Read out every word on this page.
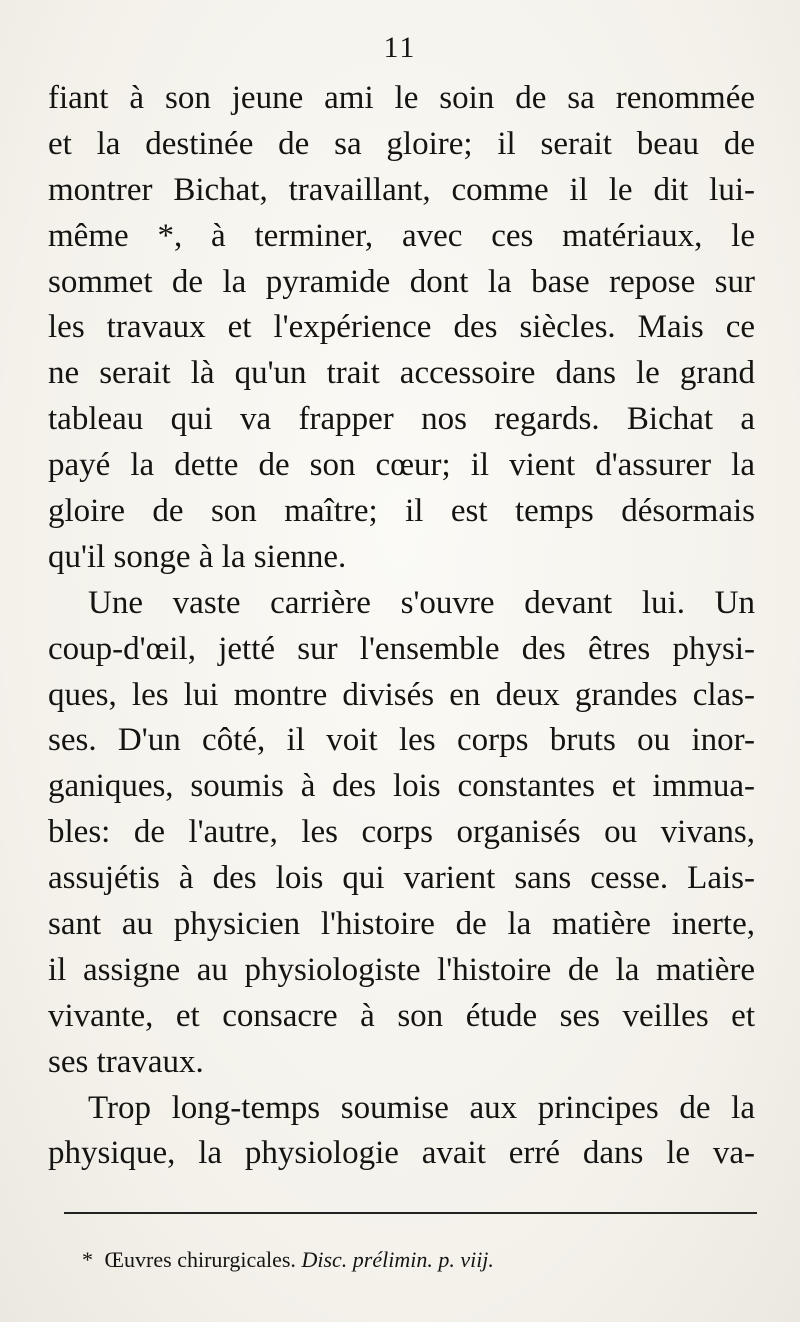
11
fiant à son jeune ami le soin de sa renommée
et la destinée de sa gloire; il serait beau de
montrer Bichat, travaillant, comme il le dit lui-
même *, à terminer, avec ces matériaux, le
sommet de la pyramide dont la base repose sur
les travaux et l'expérience des siècles. Mais ce
ne serait là qu'un trait accessoire dans le grand
tableau qui va frapper nos regards. Bichat a
payé la dette de son cœur; il vient d'assurer la
gloire de son maître; il est temps désormais
qu'il songe à la sienne.
Une vaste carrière s'ouvre devant lui. Un
coup-d'œil, jetté sur l'ensemble des êtres physi-
ques, les lui montre divisés en deux grandes clas-
ses. D'un côté, il voit les corps bruts ou inor-
ganiques, soumis à des lois constantes et immua-
bles: de l'autre, les corps organisés ou vivans,
assujétis à des lois qui varient sans cesse. Lais-
sant au physicien l'histoire de la matière inerte,
il assigne au physiologiste l'histoire de la matière
vivante, et consacre à son étude ses veilles et
ses travaux.
Trop long-temps soumise aux principes de la
physique, la physiologie avait erré dans le va-
* Œuvres chirurgicales. Disc. prélimin. p. viij.
